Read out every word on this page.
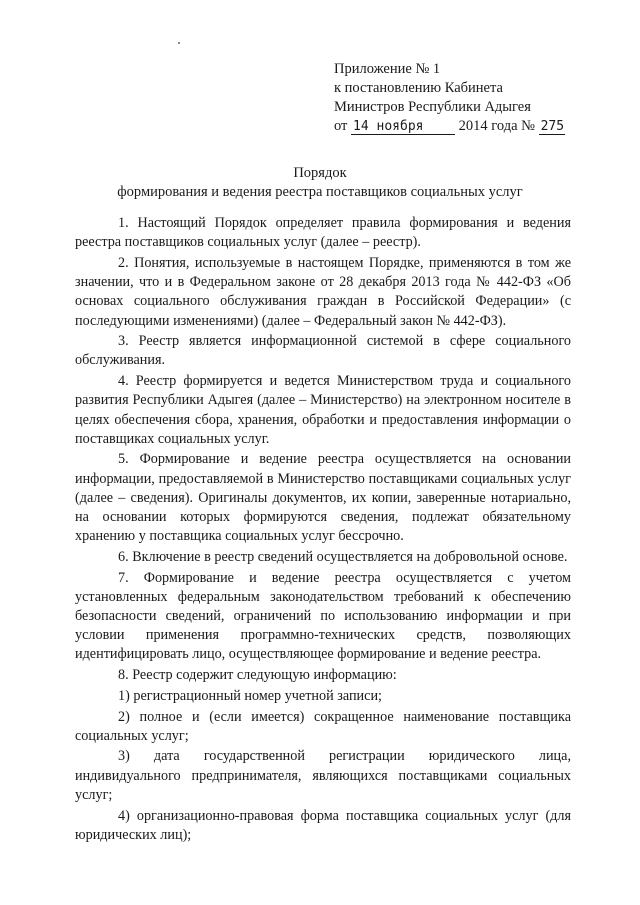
Приложение № 1
к постановлению Кабинета
Министров Республики Адыгея
от 14 ноября 2014 года № 275
Порядок
формирования и ведения реестра поставщиков социальных услуг

1. Настоящий Порядок определяет правила формирования и ведения реестра поставщиков социальных услуг (далее – реестр).

2. Понятия, используемые в настоящем Порядке, применяются в том же значении, что и в Федеральном законе от 28 декабря 2013 года № 442-ФЗ «Об основах социального обслуживания граждан в Российской Федерации» (с последующими изменениями) (далее – Федеральный закон № 442-ФЗ).

3. Реестр является информационной системой в сфере социального обслуживания.

4. Реестр формируется и ведется Министерством труда и социального развития Республики Адыгея (далее – Министерство) на электронном носителе в целях обеспечения сбора, хранения, обработки и предоставления информации о поставщиках социальных услуг.

5. Формирование и ведение реестра осуществляется на основании информации, предоставляемой в Министерство поставщиками социальных услуг (далее – сведения). Оригиналы документов, их копии, заверенные нотариально, на основании которых формируются сведения, подлежат обязательному хранению у поставщика социальных услуг бессрочно.

6. Включение в реестр сведений осуществляется на добровольной основе.

7. Формирование и ведение реестра осуществляется с учетом установленных федеральным законодательством требований к обеспечению безопасности сведений, ограничений по использованию информации и при условии применения программно-технических средств, позволяющих идентифицировать лицо, осуществляющее формирование и ведение реестра.

8. Реестр содержит следующую информацию:

1) регистрационный номер учетной записи;

2) полное и (если имеется) сокращенное наименование поставщика социальных услуг;

3) дата государственной регистрации юридического лица, индивидуального предпринимателя, являющихся поставщиками социальных услуг;

4) организационно-правовая форма поставщика социальных услуг (для юридических лиц);
